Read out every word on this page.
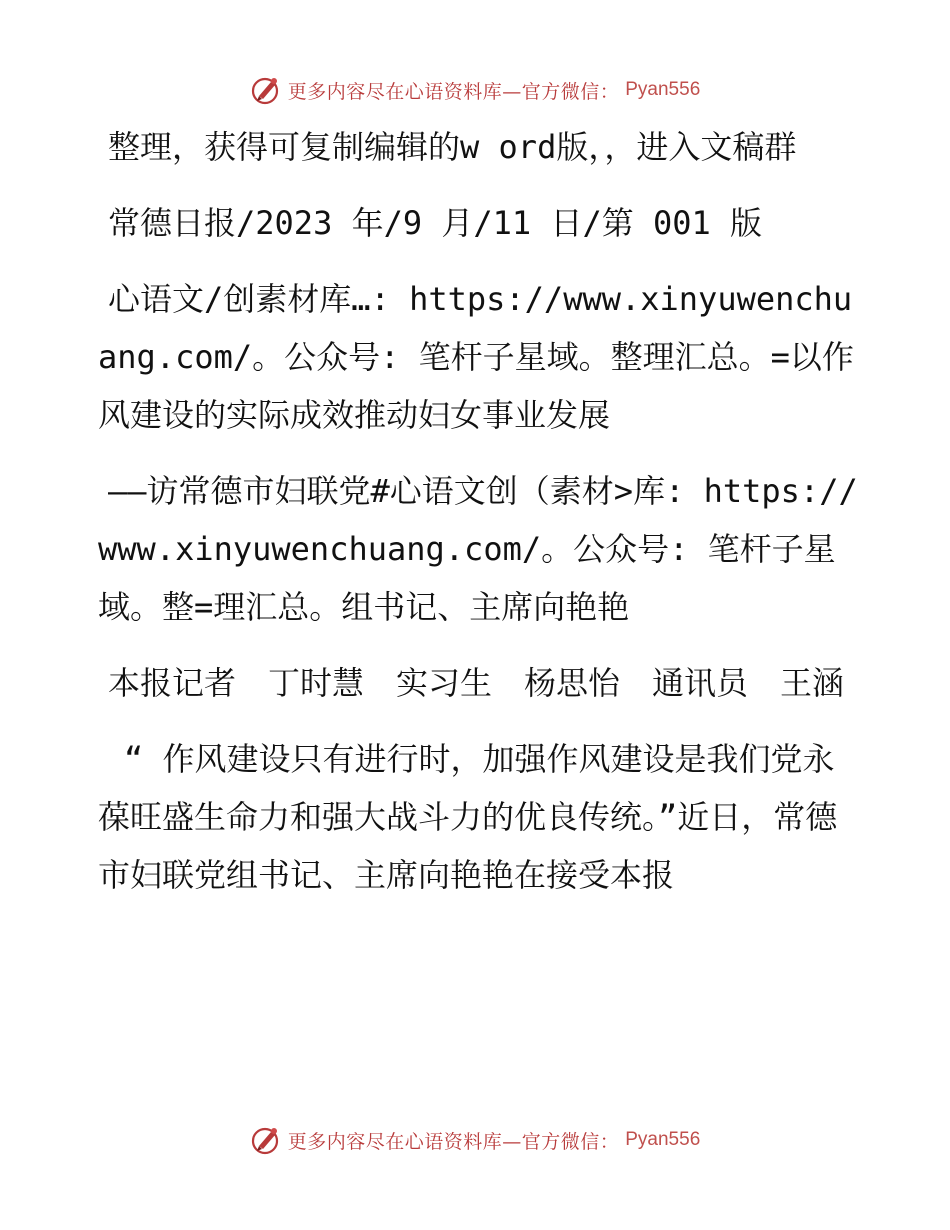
更多内容尽在心语资料库—官方微信： Pyan556

整理，获得可复制编辑的w ord版，，进入文稿群

常德日报/2023 年/9 月/11 日/第 001 版

心语文/创素材库…: https://www.xinyuwenchuang.com/。公众号: 笔杆子星域。整理汇总。=以作风建设的实际成效推动妇女事业发展

——访常德市妇联党#心语文创（素材>库: https://www.xinyuwenchuang.com/。公众号: 笔杆子星域。整=理汇总。组书记、主席向艳艳

本报记者　丁时慧　实习生　杨思怡　通讯员　王涵

“ 作风建设只有进行时，加强作风建设是我们党永葆旺盛生命力和强大战斗力的优良传统。”近日，常德市妇联党组书记、主席向艳艳在接受本报

更多内容尽在心语资料库—官方微信： Pyan556
